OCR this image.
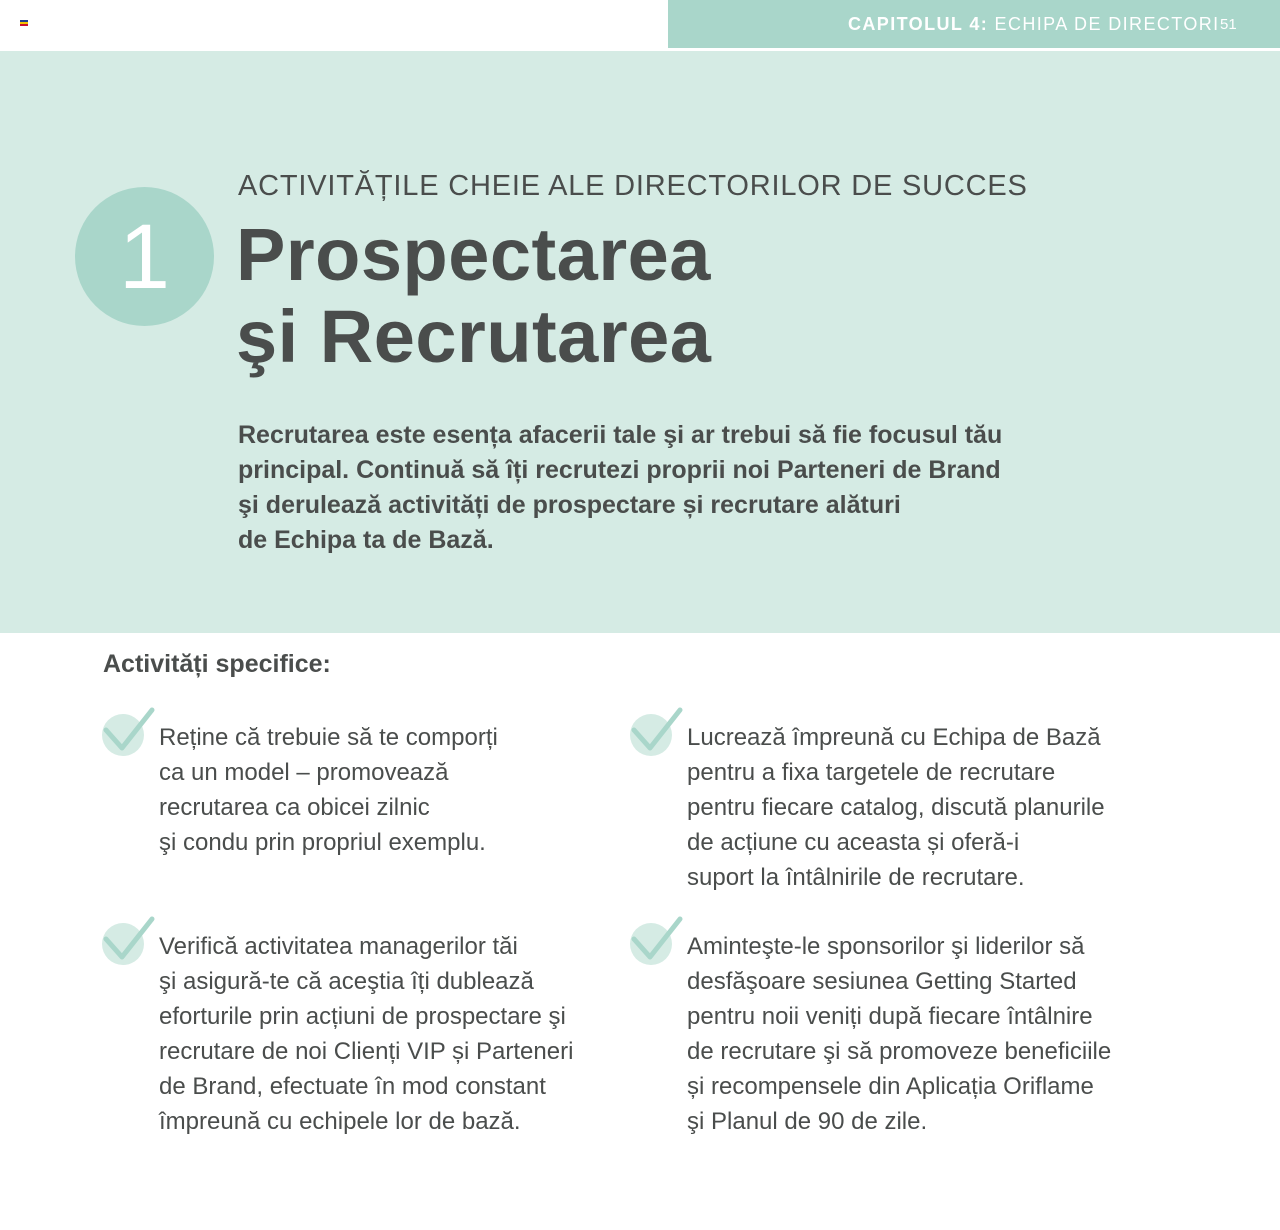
CAPITOLUL 4: ECHIPA DE DIRECTORI 51
1
ACTIVITĂȚILE CHEIE ALE DIRECTORILOR DE SUCCES
Prospectarea
şi Recrutarea

Recrutarea este esența afacerii tale şi ar trebui să fie focusul tău
principal. Continuă să îți recrutezi proprii noi Parteneri de Brand
şi derulează activități de prospectare și recrutare alături
de Echipa ta de Bază.

Activități specifice:

Reține că trebuie să te comporți
ca un model – promovează
recrutarea ca obicei zilnic
şi condu prin propriul exemplu.

Lucrează împreună cu Echipa de Bază
pentru a fixa targetele de recrutare
pentru fiecare catalog, discută planurile
de acțiune cu aceasta și oferă-i
suport la întâlnirile de recrutare.

Verifică activitatea managerilor tăi
şi asigură-te că aceştia îți dublează
eforturile prin acțiuni de prospectare şi
recrutare de noi Clienți VIP și Parteneri
de Brand, efectuate în mod constant
împreună cu echipele lor de bază.

Aminteşte-le sponsorilor şi liderilor să
desfăşoare sesiunea Getting Started
pentru noii veniți după fiecare întâlnire
de recrutare şi să promoveze beneficiile
și recompensele din Aplicația Oriflame
şi Planul de 90 de zile.
